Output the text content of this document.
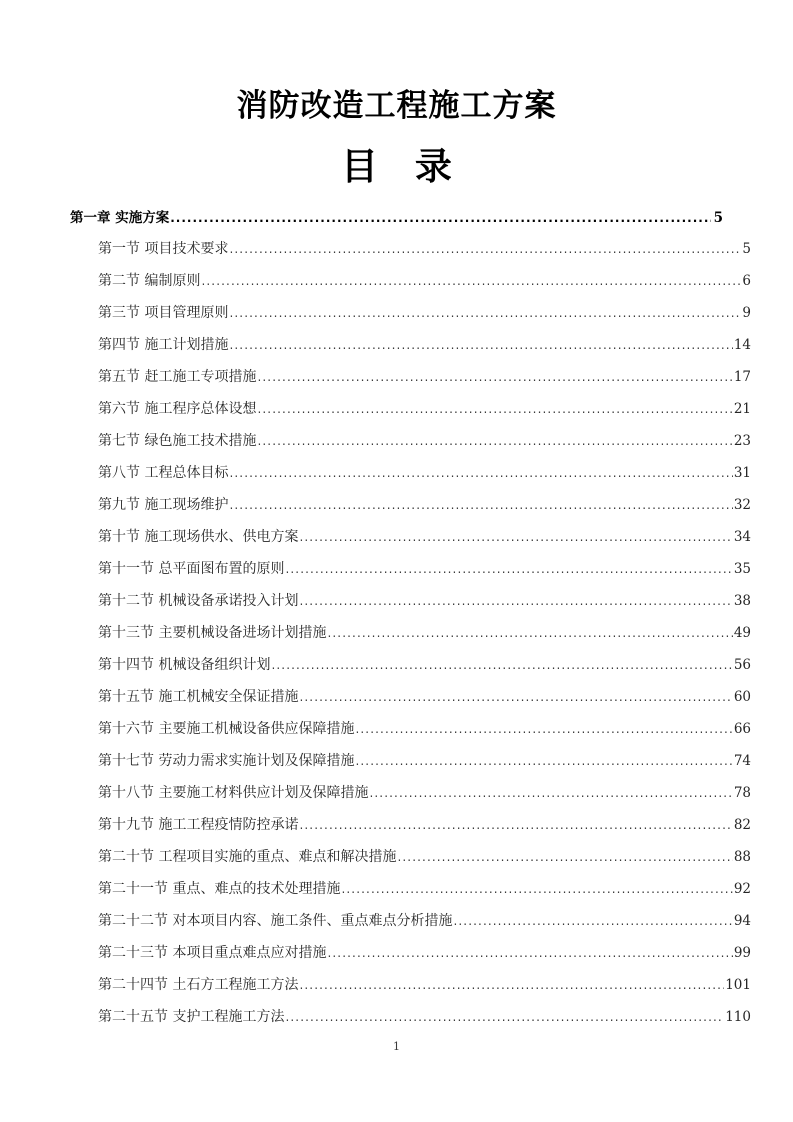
消防改造工程施工方案
目 录
第一章 实施方案 .....	5
第一节 项目技术要求 .....	5
第二节 编制原则 .....	6
第三节 项目管理原则 .....	9
第四节 施工计划措施 .....	14
第五节 赶工施工专项措施 .....	17
第六节 施工程序总体设想 .....	21
第七节 绿色施工技术措施 .....	23
第八节 工程总体目标 .....	31
第九节 施工现场维护 .....	32
第十节 施工现场供水、供电方案 .....	34
第十一节 总平面图布置的原则 .....	35
第十二节 机械设备承诺投入计划 .....	38
第十三节 主要机械设备进场计划措施 .....	49
第十四节 机械设备组织计划 .....	56
第十五节 施工机械安全保证措施 .....	60
第十六节 主要施工机械设备供应保障措施 .....	66
第十七节 劳动力需求实施计划及保障措施 .....	74
第十八节 主要施工材料供应计划及保障措施 .....	78
第十九节 施工工程疫情防控承诺 .....	82
第二十节 工程项目实施的重点、难点和解决措施 .....	88
第二十一节 重点、难点的技术处理措施 .....	92
第二十二节 对本项目内容、施工条件、重点难点分析措施 .....	94
第二十三节 本项目重点难点应对措施 .....	99
第二十四节 土石方工程施工方法 .....	101
第二十五节 支护工程施工方法 .....	110
1
